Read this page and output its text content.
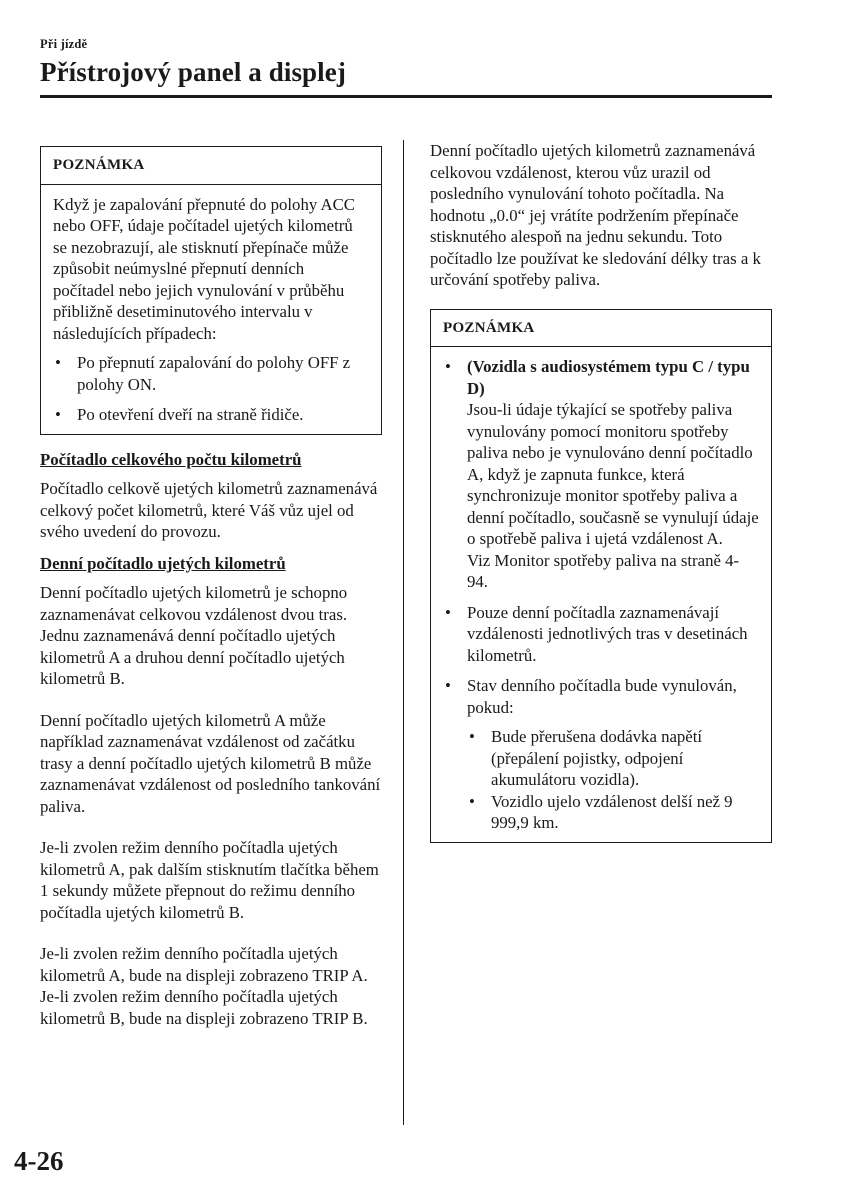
Při jízdě
Přístrojový panel a displej
POZNÁMKA

Když je zapalování přepnuté do polohy ACC nebo OFF, údaje počítadel ujetých kilometrů se nezobrazují, ale stisknutí přepínače může způsobit neúmyslné přepnutí denních počítadel nebo jejich vynulování v průběhu přibližně desetiminutového intervalu v následujících případech:

• Po přepnutí zapalování do polohy OFF z polohy ON.
• Po otevření dveří na straně řidiče.
Počítadlo celkového počtu kilometrů

Počítadlo celkově ujetých kilometrů zaznamenává celkový počet kilometrů, které Váš vůz ujel od svého uvedení do provozu.

Denní počítadlo ujetých kilometrů

Denní počítadlo ujetých kilometrů je schopno zaznamenávat celkovou vzdálenost dvou tras. Jednu zaznamenává denní počítadlo ujetých kilometrů A a druhou denní počítadlo ujetých kilometrů B.

Denní počítadlo ujetých kilometrů A může například zaznamenávat vzdálenost od začátku trasy a denní počítadlo ujetých kilometrů B může zaznamenávat vzdálenost od posledního tankování paliva.

Je-li zvolen režim denního počítadla ujetých kilometrů A, pak dalším stisknutím tlačítka během 1 sekundy můžete přepnout do režimu denního počítadla ujetých kilometrů B.

Je-li zvolen režim denního počítadla ujetých kilometrů A, bude na displeji zobrazeno TRIP A. Je-li zvolen režim denního počítadla ujetých kilometrů B, bude na displeji zobrazeno TRIP B.

Denní počítadlo ujetých kilometrů zaznamenává celkovou vzdálenost, kterou vůz urazil od posledního vynulování tohoto počítadla. Na hodnotu „0.0“ jej vrátíte podržením přepínače stisknutého alespoň na jednu sekundu. Toto počítadlo lze používat ke sledování délky tras a k určování spotřeby paliva.

POZNÁMKA
• (Vozidla s audiosystémem typu C / typu D)
Jsou-li údaje týkající se spotřeby paliva vynulovány pomocí monitoru spotřeby paliva nebo je vynulováno denní počítadlo A, když je zapnuta funkce, která synchronizuje monitor spotřeby paliva a denní počítadlo, současně se vynulují údaje o spotřebě paliva i ujetá vzdálenost A.
Viz Monitor spotřeby paliva na straně 4-94.
• Pouze denní počítadla zaznamenávají vzdálenosti jednotlivých tras v desetinách kilometrů.
• Stav denního počítadla bude vynulován, pokud:
• Bude přerušena dodávka napětí (přepálení pojistky, odpojení akumulátoru vozidla).
• Vozidlo ujelo vzdálenost delší než 9 999,9 km.
4-26
